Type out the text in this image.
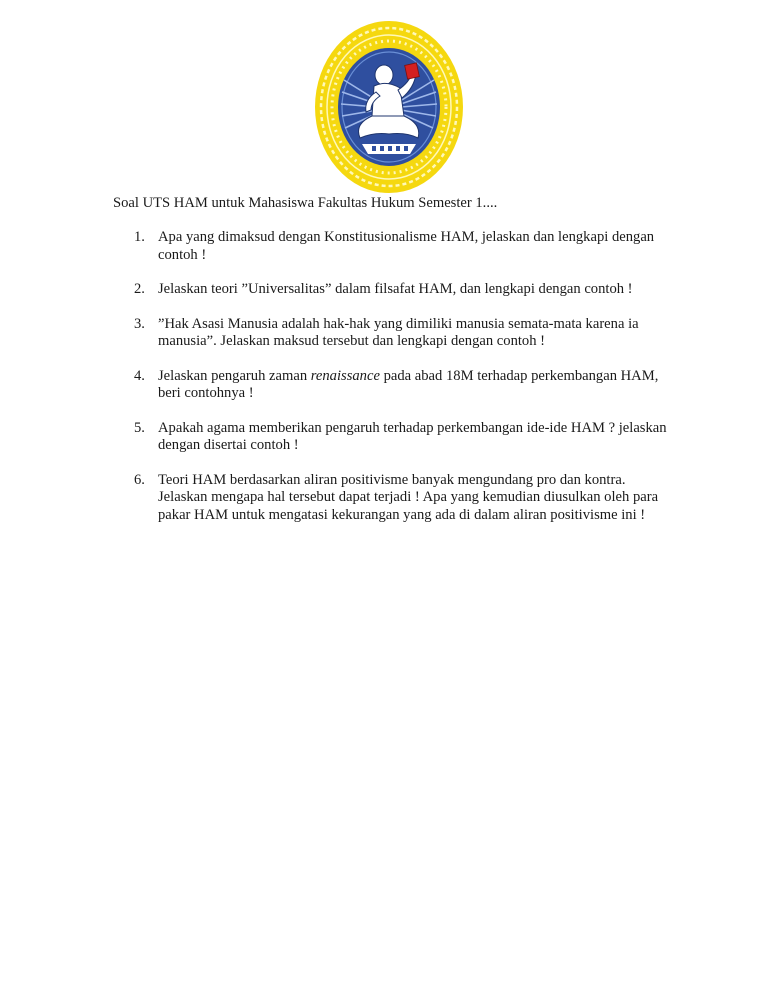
Soal UTS HAM untuk Mahasiswa Fakultas Hukum Semester 1....
1. Apa yang dimaksud dengan Konstitusionalisme HAM, jelaskan dan lengkapi dengan contoh !
2. Jelaskan teori ”Universalitas” dalam filsafat HAM, dan lengkapi dengan contoh !
3. ”Hak Asasi Manusia adalah hak-hak yang dimiliki manusia semata-mata karena ia manusia”. Jelaskan maksud tersebut dan lengkapi dengan contoh !
4. Jelaskan pengaruh zaman renaissance pada abad 18M terhadap perkembangan HAM, beri contohnya !
5. Apakah agama memberikan pengaruh terhadap perkembangan ide-ide HAM ? jelaskan dengan disertai contoh !
6. Teori HAM berdasarkan aliran positivisme banyak mengundang pro dan kontra. Jelaskan mengapa hal tersebut dapat terjadi ! Apa yang kemudian diusulkan oleh para pakar HAM untuk mengatasi kekurangan yang ada di dalam aliran positivisme ini !
